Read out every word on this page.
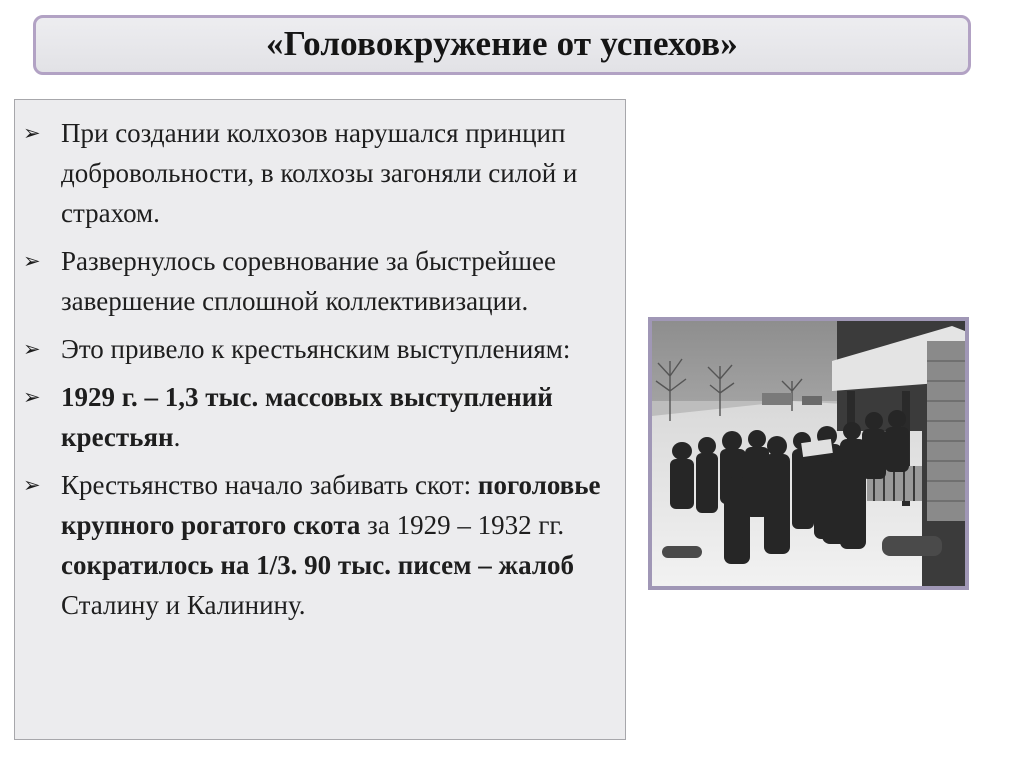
«Головокружение от успехов»
➢ При создании колхозов нарушался принцип добровольности, в колхозы загоняли силой и страхом.
➢ Развернулось соревнование за быстрейшее завершение сплошной коллективизации.
➢ Это привело к крестьянским выступлениям:
➢ 1929 г. – 1,3 тыс. массовых выступлений крестьян.
➢ Крестьянство начало забивать скот: поголовье крупного рогатого скота за 1929 – 1932 гг. сократилось на 1/3. 90 тыс. писем – жалоб Сталину и Калинину.
